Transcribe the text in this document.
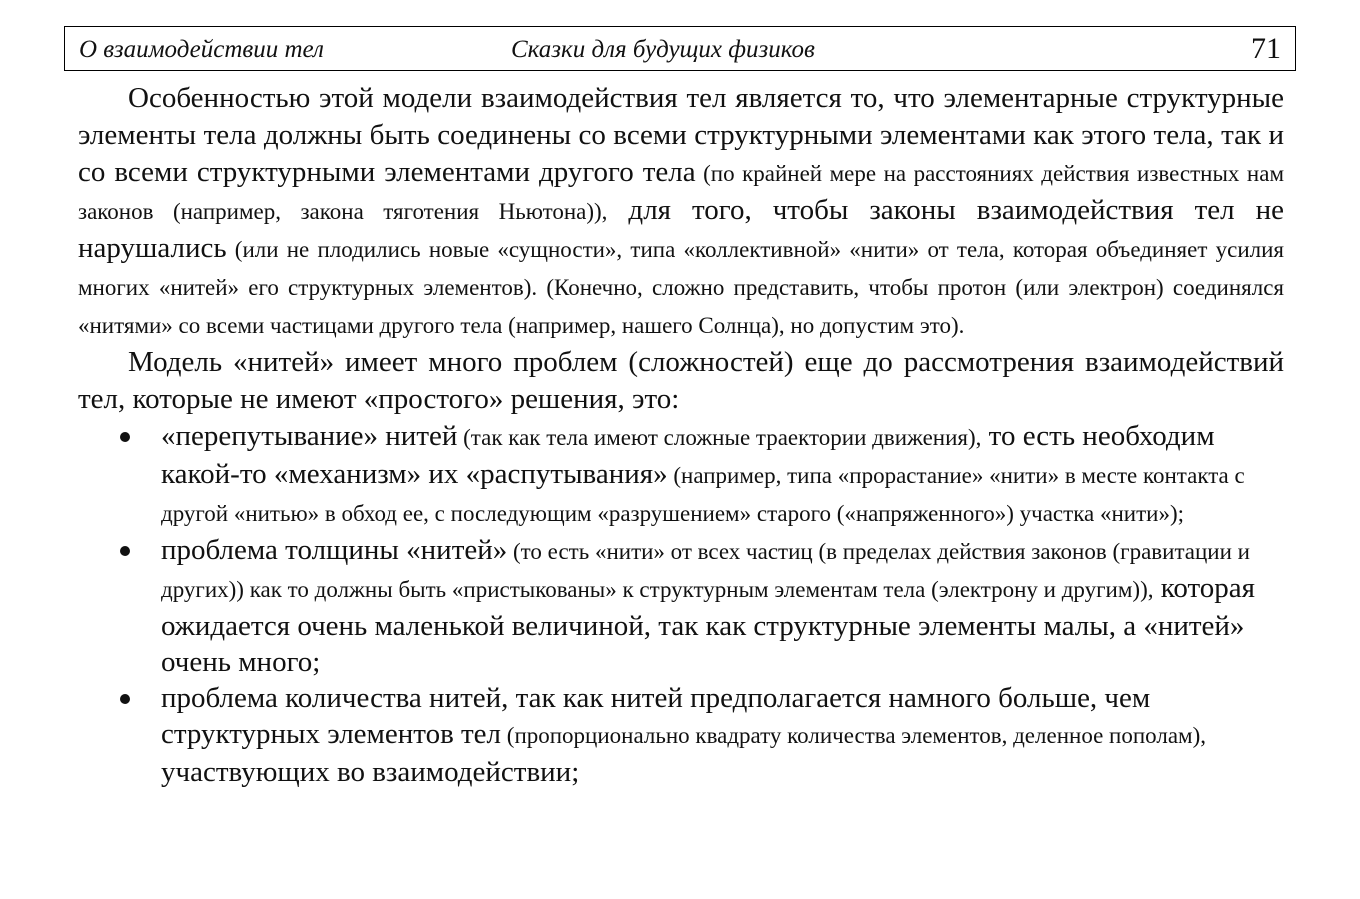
О взаимодействии тел	Сказки для будущих физиков	71

Особенностью этой модели взаимодействия тел является то, что элементарные структурные элементы тела должны быть соединены со всеми структурными элементами как этого тела, так и со всеми структурными элементами другого тела (по крайней мере на расстояниях действия известных нам законов (например, закона тяготения Ньютона)), для того, чтобы законы взаимодействия тел не нарушались (или не плодились новые «сущности», типа «коллективной» «нити» от тела, которая объединяет усилия многих «нитей» его структурных элементов). (Конечно, сложно представить, чтобы протон (или электрон) соединялся «нитями» со всеми частицами другого тела (например, нашего Солнца), но допустим это).

Модель «нитей» имеет много проблем (сложностей) еще до рассмотрения взаимодействий тел, которые не имеют «простого» решения, это:

«перепутывание» нитей (так как тела имеют сложные траектории движения), то есть необходим какой-то «механизм» их «распутывания» (например, типа «прорастание» «нити» в месте контакта с другой «нитью» в обход ее, с последующим «разрушением» старого («напряженного») участка «нити»);
проблема толщины «нитей» (то есть «нити» от всех частиц (в пределах действия законов (гравитации и других)) как то должны быть «пристыкованы» к структурным элементам тела (электрону и другим)), которая ожидается очень маленькой величиной, так как структурные элементы малы, а «нитей» очень много;
проблема количества нитей, так как нитей предполагается намного больше, чем структурных элементов тел (пропорционально квадрату количества элементов, деленное пополам), участвующих во взаимодействии;
